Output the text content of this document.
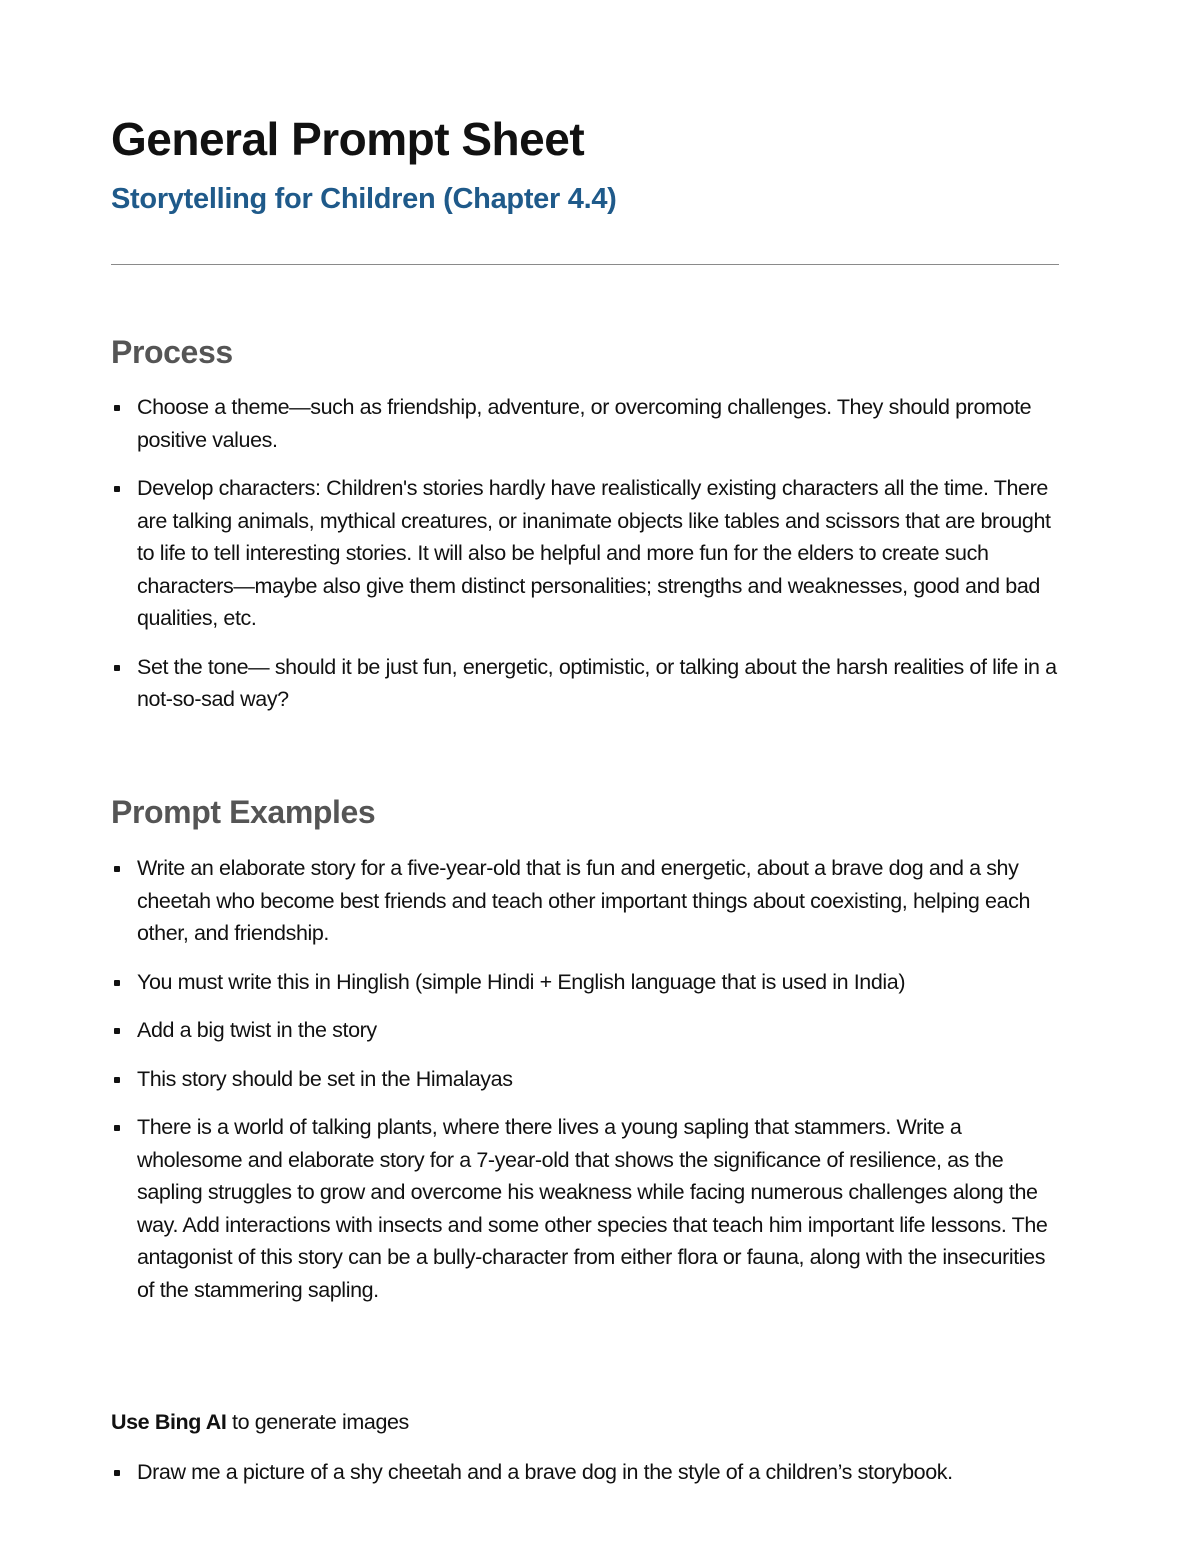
General Prompt Sheet
Storytelling for Children (Chapter 4.4)
Process
Choose a theme—such as friendship, adventure, or overcoming challenges. They should promote positive values.
Develop characters: Children's stories hardly have realistically existing characters all the time. There are talking animals, mythical creatures, or inanimate objects like tables and scissors that are brought to life to tell interesting stories. It will also be helpful and more fun for the elders to create such characters—maybe also give them distinct personalities; strengths and weaknesses, good and bad qualities, etc.
Set the tone— should it be just fun, energetic, optimistic, or talking about the harsh realities of life in a not-so-sad way?
Prompt Examples
Write an elaborate story for a five-year-old that is fun and energetic, about a brave dog and a shy cheetah who become best friends and teach other important things about coexisting, helping each other, and friendship.
You must write this in Hinglish (simple Hindi + English language that is used in India)
Add a big twist in the story
This story should be set in the Himalayas
There is a world of talking plants, where there lives a young sapling that stammers. Write a wholesome and elaborate story for a 7-year-old that shows the significance of resilience, as the sapling struggles to grow and overcome his weakness while facing numerous challenges along the way. Add interactions with insects and some other species that teach him important life lessons. The antagonist of this story can be a bully-character from either flora or fauna, along with the insecurities of the stammering sapling.
Use Bing AI to generate images
Draw me a picture of a shy cheetah and a brave dog in the style of a children’s storybook.
